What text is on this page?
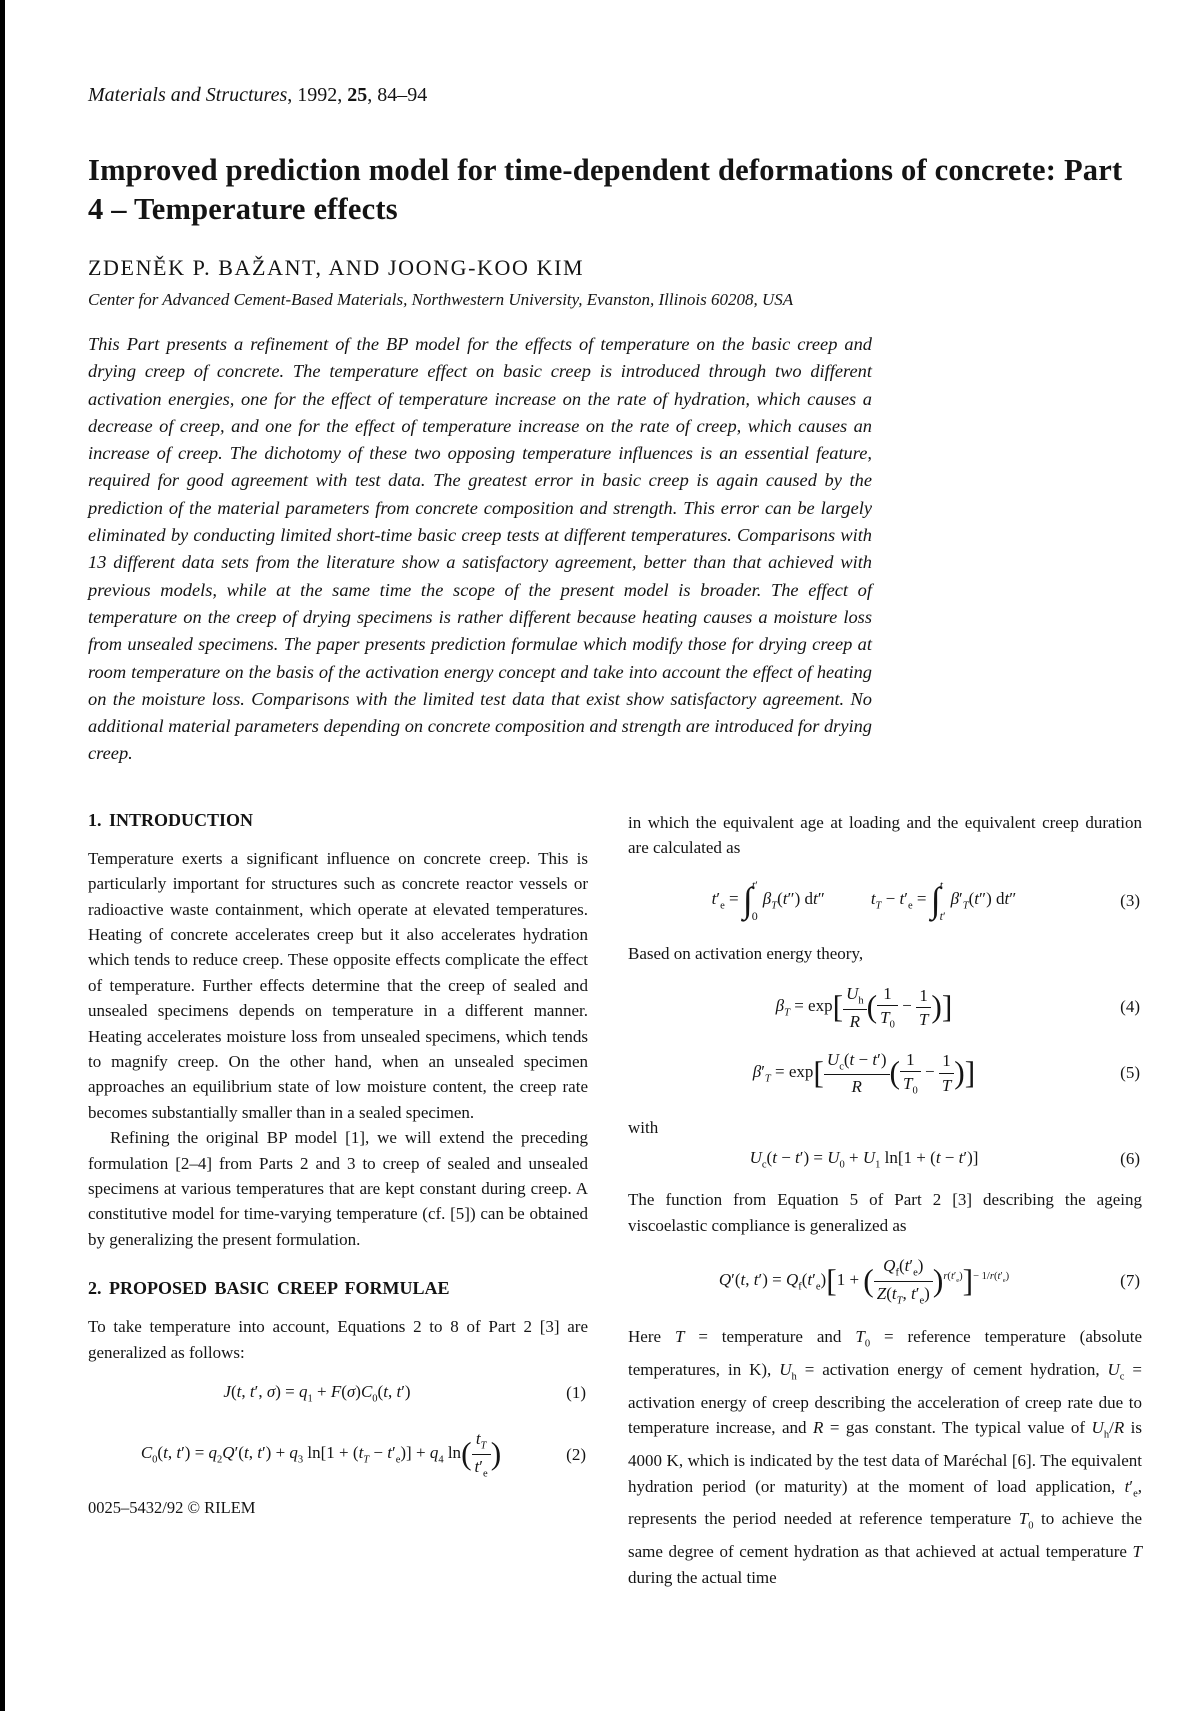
Materials and Structures, 1992, 25, 84–94
Improved prediction model for time-dependent deformations of concrete: Part 4 – Temperature effects
ZDENĚK P. BAŽANT, AND JOONG-KOO KIM
Center for Advanced Cement-Based Materials, Northwestern University, Evanston, Illinois 60208, USA
This Part presents a refinement of the BP model for the effects of temperature on the basic creep and drying creep of concrete. The temperature effect on basic creep is introduced through two different activation energies, one for the effect of temperature increase on the rate of hydration, which causes a decrease of creep, and one for the effect of temperature increase on the rate of creep, which causes an increase of creep. The dichotomy of these two opposing temperature influences is an essential feature, required for good agreement with test data. The greatest error in basic creep is again caused by the prediction of the material parameters from concrete composition and strength. This error can be largely eliminated by conducting limited short-time basic creep tests at different temperatures. Comparisons with 13 different data sets from the literature show a satisfactory agreement, better than that achieved with previous models, while at the same time the scope of the present model is broader. The effect of temperature on the creep of drying specimens is rather different because heating causes a moisture loss from unsealed specimens. The paper presents prediction formulae which modify those for drying creep at room temperature on the basis of the activation energy concept and take into account the effect of heating on the moisture loss. Comparisons with the limited test data that exist show satisfactory agreement. No additional material parameters depending on concrete composition and strength are introduced for drying creep.
1. INTRODUCTION

Temperature exerts a significant influence on concrete creep. This is particularly important for structures such as concrete reactor vessels or radioactive waste containment, which operate at elevated temperatures. Heating of concrete accelerates creep but it also accelerates hydration which tends to reduce creep. These opposite effects complicate the effect of temperature. Further effects determine that the creep of sealed and unsealed specimens depends on temperature in a different manner. Heating accelerates moisture loss from unsealed specimens, which tends to magnify creep. On the other hand, when an unsealed specimen approaches an equilibrium state of low moisture content, the creep rate becomes substantially smaller than in a sealed specimen.

Refining the original BP model [1], we will extend the preceding formulation [2–4] from Parts 2 and 3 to creep of sealed and unsealed specimens at various temperatures that are kept constant during creep. A constitutive model for time-varying temperature (cf. [5]) can be obtained by generalizing the present formulation.

2. PROPOSED BASIC CREEP FORMULAE

To take temperature into account, Equations 2 to 8 of Part 2 [3] are generalized as follows:

J(t, t′, $\sigma) = q_1 + F(\sigma)C_0(t$, t′)	(1)
$C_0(t$, $t') = q_2Q'(t$, $t') + q_3$ $\ln[1 + (t_T - t'_e)] + q_4$ $\ln( \frac{t_T}{t'_e}$ )	(2)
0025–5432/92 © RILEM

in which the equivalent age at loading and the equivalent creep duration are calculated as

$t'_e$ = ∫ t′
0
$\beta_T(t'')$ dt″	$t_T - t'_e$ = ∫ t
t′
$\beta'_T(t'')$ dt″	(3)

Based on activation energy theory,

$\beta_T = \exp[ \frac{U_h}{R}$ ( $\frac{1}{T_0} - \frac{1}{T}$ )]	(4)
$\beta'_T = \exp[ \frac{U_c(t - t')}{R}$ ( $\frac{1}{T_0} - \frac{1}{T}$ )]	(5)
with
$U_c(t - t') = U_0 + U_1$ ln[1 + (t − t′)]	(6)

The function from Equation 5 of Part 2 [3] describing the ageing viscoelastic compliance is generalized as

Q′(t, $t') = Q_f(t'_e)[1$ + ( $\frac{Q_f(t'_e)}{Z(t_T, t'_e)} )^{r(t'_e)}]^{- 1/r(t'_e)}$	(7)

Here T = temperature and $T_0$ = reference temperature (absolute temperatures, in K), $U_h$ = activation energy of cement hydration, $U_c$ = activation energy of creep describing the acceleration of creep rate due to temperature increase, and R = gas constant. The typical value of $U_h/R$ is 4000 K, which is indicated by the test data of Maréchal [6]. The equivalent hydration period (or maturity) at the moment of load application, $t'_e$, represents the period needed at reference temperature $T_0$ to achieve the same degree of cement hydration as that achieved at actual temperature T during the actual time
